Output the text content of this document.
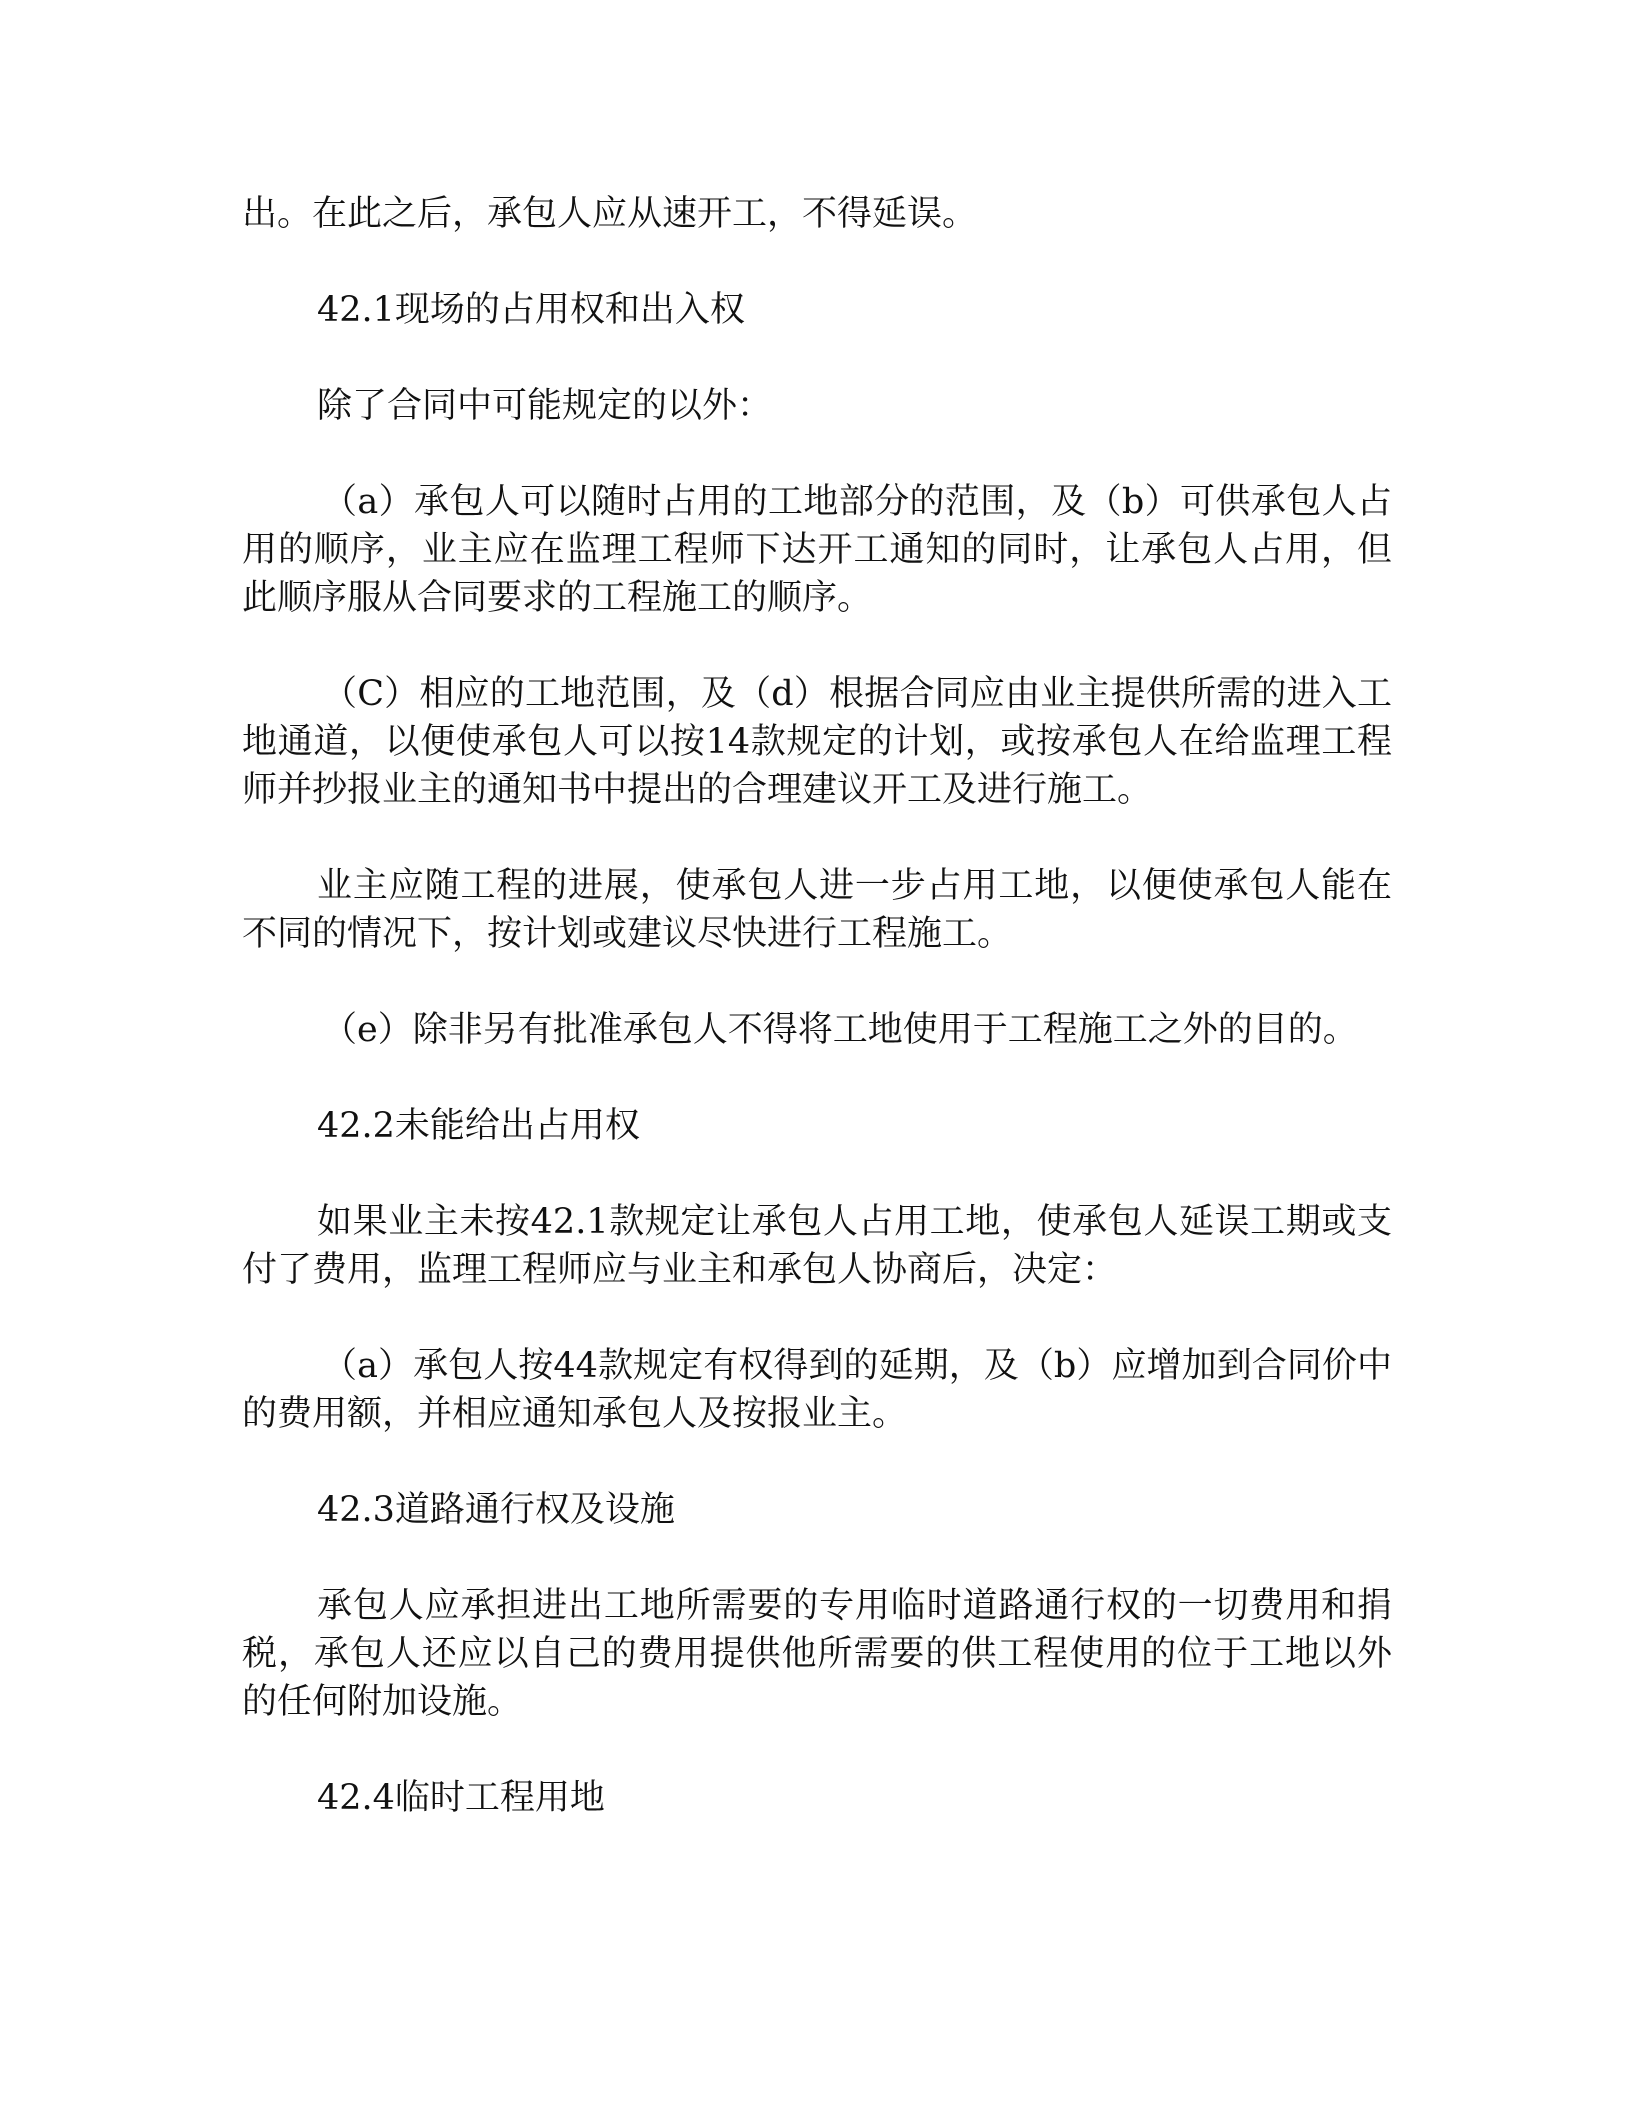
出。在此之后，承包人应从速开工，不得延误。

42.1现场的占用权和出入权

除了合同中可能规定的以外：

（a）承包人可以随时占用的工地部分的范围，及（b）可供承包人占用的顺序，业主应在监理工程师下达开工通知的同时，让承包人占用，但此顺序服从合同要求的工程施工的顺序。

（C）相应的工地范围，及（d）根据合同应由业主提供所需的进入工地通道，以便使承包人可以按14款规定的计划，或按承包人在给监理工程师并抄报业主的通知书中提出的合理建议开工及进行施工。

业主应随工程的进展，使承包人进一步占用工地，以便使承包人能在不同的情况下，按计划或建议尽快进行工程施工。

（e）除非另有批准承包人不得将工地使用于工程施工之外的目的。

42.2未能给出占用权

如果业主未按42.1款规定让承包人占用工地，使承包人延误工期或支付了费用，监理工程师应与业主和承包人协商后，决定：

（a）承包人按44款规定有权得到的延期，及（b）应增加到合同价中的费用额，并相应通知承包人及按报业主。

42.3道路通行权及设施

承包人应承担进出工地所需要的专用临时道路通行权的一切费用和捐税，承包人还应以自己的费用提供他所需要的供工程使用的位于工地以外的任何附加设施。

42.4临时工程用地
